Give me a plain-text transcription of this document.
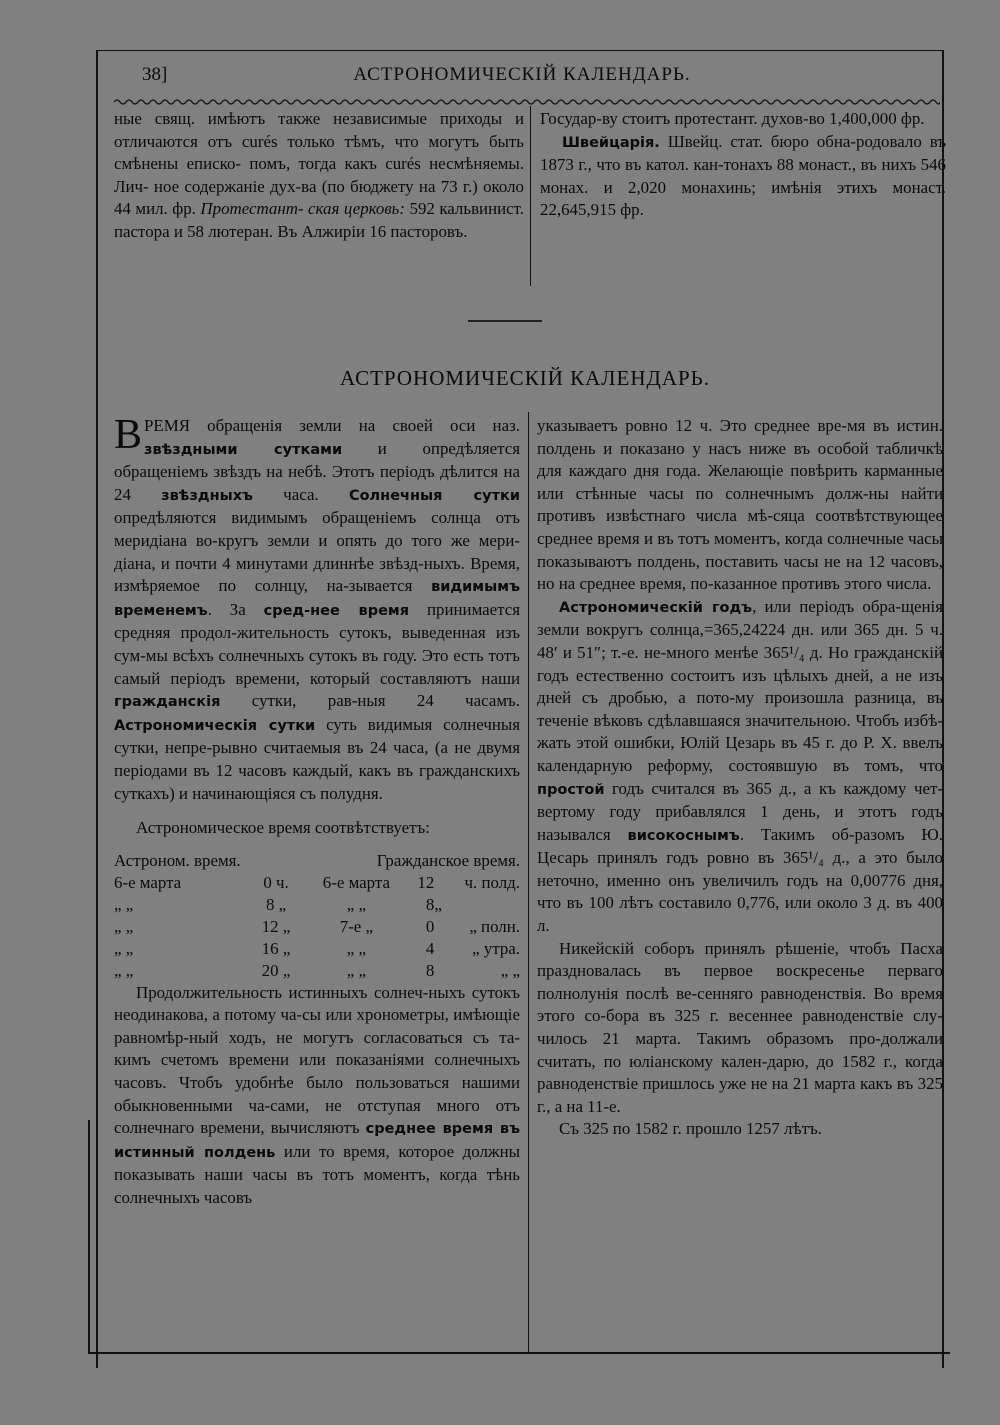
38]	АСТРОНОМИЧЕСКІЙ КАЛЕНДАРЬ.

ные свящ. имѣютъ также независимые приходы и отличаются отъ curés только тѣмъ, что могутъ быть смѣнены еписко- помъ, тогда какъ curés несмѣняемы. Лич- ное содержаніе дух-ва (по бюджету на 73 г.) около 44 мил. фр. Протестант- ская церковь: 592 кальвинист. пастора и 58 лютеран. Въ Алжиріи 16 пасторовъ.

Государ-ву стоитъ протестант. духов-во 1,400,000 фр.

Швейцарія. Швейц. стат. бюро обна-родовало въ 1873 г., что въ катол. кан-тонахъ 88 монаст., въ нихъ 546 монах. и 2,020 монахинь; имѣнія этихъ монаст. 22,645,915 фр.

АСТРОНОМИЧЕСКІЙ КАЛЕНДАРЬ.

ВРЕМЯ обращенія земли на своей оси наз. звѣздными сутками и опредѣляется обращеніемъ звѣздъ на небѣ. Этотъ періодъ дѣлится на 24 звѣздныхъ часа. Солнечныя сутки опредѣляются видимымъ обращеніемъ солнца отъ меридіана во-кругъ земли и опять до того же мери-діана, и почти 4 минутами длиннѣе звѣзд-ныхъ. Время, измѣряемое по солнцу, на-зывается видимымъ временемъ. За сред-нее время принимается средняя продол-жительность сутокъ, выведенная изъ сум-мы всѣхъ солнечныхъ сутокъ въ году. Это есть тотъ самый періодъ времени, который составляютъ наши гражданскія сутки, рав-ныя 24 часамъ. Астрономическія сутки суть видимыя солнечныя сутки, непре-рывно считаемыя въ 24 часа, (а не двумя періодами въ 12 часовъ каждый, какъ въ гражданскихъ суткахъ) и начинающіяся съ полудня.

Астрономическое время соотвѣтствуетъ:

Астроном. время.		Гражданское время.		
6-е марта	0 ч.	6-е марта	12	ч. полд.
„ „	8 „	„ „	8	„
„ „	12 „	7-е „	0	„ полн.
„ „	16 „	„ „	4	„ утра.
„ „	20 „	„ „	8	„ „

Продолжительность истинныхъ солнеч-ныхъ сутокъ неодинакова, а потому ча-сы или хронометры, имѣющіе равномѣр-ный ходъ, не могутъ согласоваться съ та-кимъ счетомъ времени или показаніями солнечныхъ часовъ. Чтобъ удобнѣе было пользоваться нашими обыкновенными ча-сами, не отступая много отъ солнечнаго времени, вычисляютъ среднее время въ истинный полдень или то время, которое должны показывать наши часы въ тотъ моментъ, когда тѣнь солнечныхъ часовъ

указываетъ ровно 12 ч. Это среднее вре-мя въ истин. полдень и показано у насъ ниже въ особой табличкѣ для каждаго дня года. Желающіе повѣрить карманные или стѣнные часы по солнечнымъ долж-ны найти противъ извѣстнаго числа мѣ-сяца соотвѣтствующее среднее время и въ тотъ моментъ, когда солнечные часы показываютъ полдень, поставить часы не на 12 часовъ, но на среднее время, по-казанное противъ этого числа.

Астрономическій годъ, или періодъ обра-щенія земли вокругъ солнца,=365,24224 дн. или 365 дн. 5 ч. 48′ и 51″; т.-е. не-много менѣе 365¹/₄ д. Но гражданскій годъ естественно состоитъ изъ цѣлыхъ дней, а не изъ дней съ дробью, а пото-му произошла разница, въ теченіе вѣковъ сдѣлавшаяся значительною. Чтобъ избѣ-жать этой ошибки, Юлій Цезарь въ 45 г. до Р. Х. ввелъ календарную реформу, состоявшую въ томъ, что простой годъ считался въ 365 д., а къ каждому чет-вертому году прибавлялся 1 день, и этотъ годъ назывался високоснымъ. Такимъ об-разомъ Ю. Цесарь принялъ годъ ровно въ 365¹/₄ д., а это было неточно, именно онъ увеличилъ годъ на 0,00776 дня, что въ 100 лѣтъ составило 0,776, или около 3 д. въ 400 л.

Никейскій соборъ принялъ рѣшеніе, чтобъ Пасха праздновалась въ первое воскресенье перваго полнолунія послѣ ве-сенняго равноденствія. Во время этого со-бора въ 325 г. весеннее равноденствіе слу-чилось 21 марта. Такимъ образомъ про-должали считать, по юліанскому кален-дарю, до 1582 г., когда равноденствіе пришлось уже не на 21 марта какъ въ 325 г., а на 11-е.

Съ 325 по 1582 г. прошло 1257 лѣтъ.
